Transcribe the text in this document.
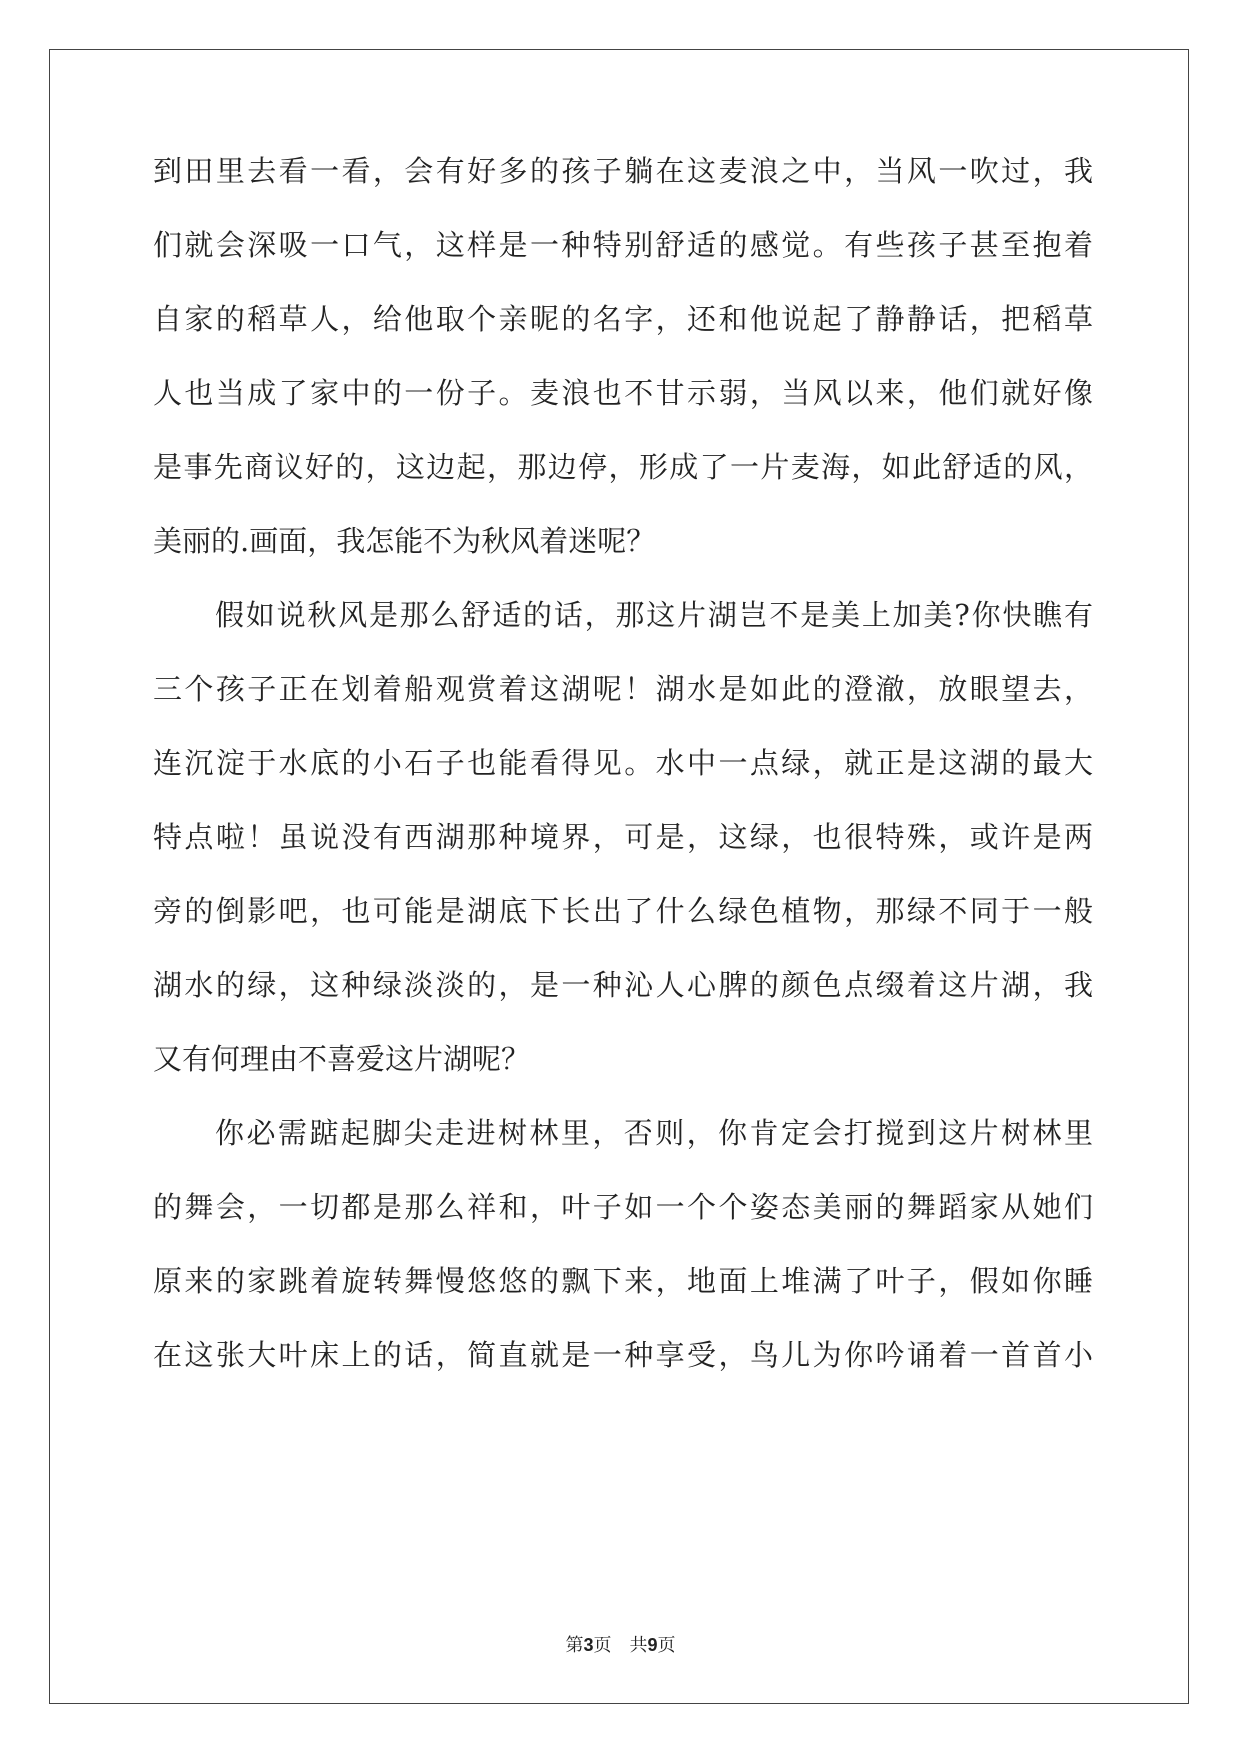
到田里去看一看，会有好多的孩子躺在这麦浪之中，当风一吹过，我
们就会深吸一口气，这样是一种特别舒适的感觉。有些孩子甚至抱着
自家的稻草人，给他取个亲昵的名字，还和他说起了静静话，把稻草
人也当成了家中的一份子。麦浪也不甘示弱，当风以来，他们就好像
是事先商议好的，这边起，那边停，形成了一片麦海，如此舒适的风，
美丽的.画面，我怎能不为秋风着迷呢？
假如说秋风是那么舒适的话，那这片湖岂不是美上加美?你快瞧有
三个孩子正在划着船观赏着这湖呢！湖水是如此的澄澈，放眼望去，
连沉淀于水底的小石子也能看得见。水中一点绿，就正是这湖的最大
特点啦！虽说没有西湖那种境界，可是，这绿，也很特殊，或许是两
旁的倒影吧，也可能是湖底下长出了什么绿色植物，那绿不同于一般
湖水的绿，这种绿淡淡的，是一种沁人心脾的颜色点缀着这片湖，我
又有何理由不喜爱这片湖呢？
你必需踮起脚尖走进树林里，否则，你肯定会打搅到这片树林里
的舞会，一切都是那么祥和，叶子如一个个姿态美丽的舞蹈家从她们
原来的家跳着旋转舞慢悠悠的飘下来，地面上堆满了叶子，假如你睡
在这张大叶床上的话，简直就是一种享受，鸟儿为你吟诵着一首首小
第3页　共9页
